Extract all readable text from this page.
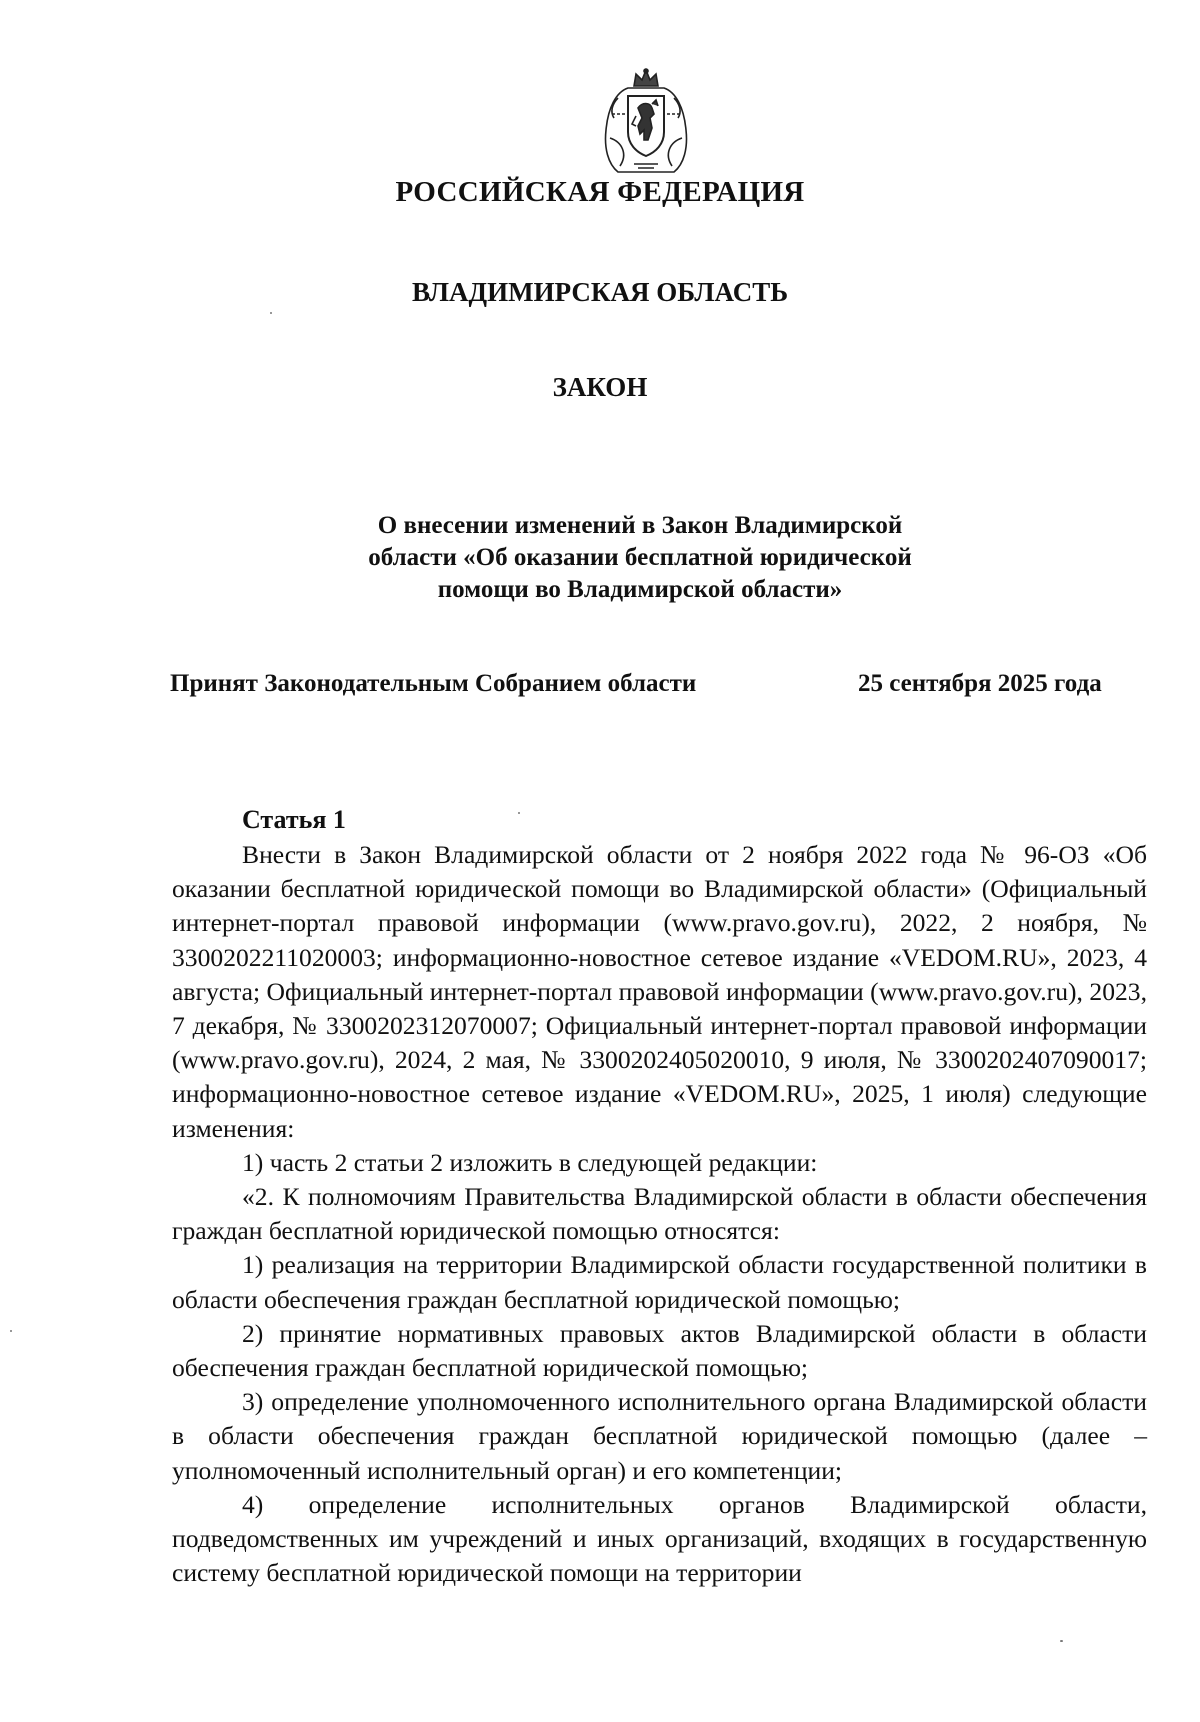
РОССИЙСКАЯ ФЕДЕРАЦИЯ
ВЛАДИМИРСКАЯ ОБЛАСТЬ
ЗАКОН
О внесении изменений в Закон Владимирской
области «Об оказании бесплатной юридической
помощи во Владимирской области»
Принят Законодательным Собранием области	25 сентября 2025 года
Статья 1

Внести в Закон Владимирской области от 2 ноября 2022 года № 96-ОЗ «Об оказании бесплатной юридической помощи во Владимирской области» (Официальный интернет-портал правовой информации (www.pravo.gov.ru), 2022, 2 ноября, № 3300202211020003; информационно-новостное сетевое издание «VEDOM.RU», 2023, 4 августа; Официальный интернет-портал правовой информации (www.pravo.gov.ru), 2023, 7 декабря, № 3300202312070007; Официальный интернет-портал правовой информации (www.pravo.gov.ru), 2024, 2 мая, № 3300202405020010, 9 июля, № 3300202407090017; информационно-новостное сетевое издание «VEDOM.RU», 2025, 1 июля) следующие изменения:

1) часть 2 статьи 2 изложить в следующей редакции:

«2. К полномочиям Правительства Владимирской области в области обеспечения граждан бесплатной юридической помощью относятся:

1) реализация на территории Владимирской области государственной политики в области обеспечения граждан бесплатной юридической помощью;

2) принятие нормативных правовых актов Владимирской области в области обеспечения граждан бесплатной юридической помощью;

3) определение уполномоченного исполнительного органа Владимирской области в области обеспечения граждан бесплатной юридической помощью (далее – уполномоченный исполнительный орган) и его компетенции;

4) определение исполнительных органов Владимирской области, подведомственных им учреждений и иных организаций, входящих в государственную систему бесплатной юридической помощи на территории
